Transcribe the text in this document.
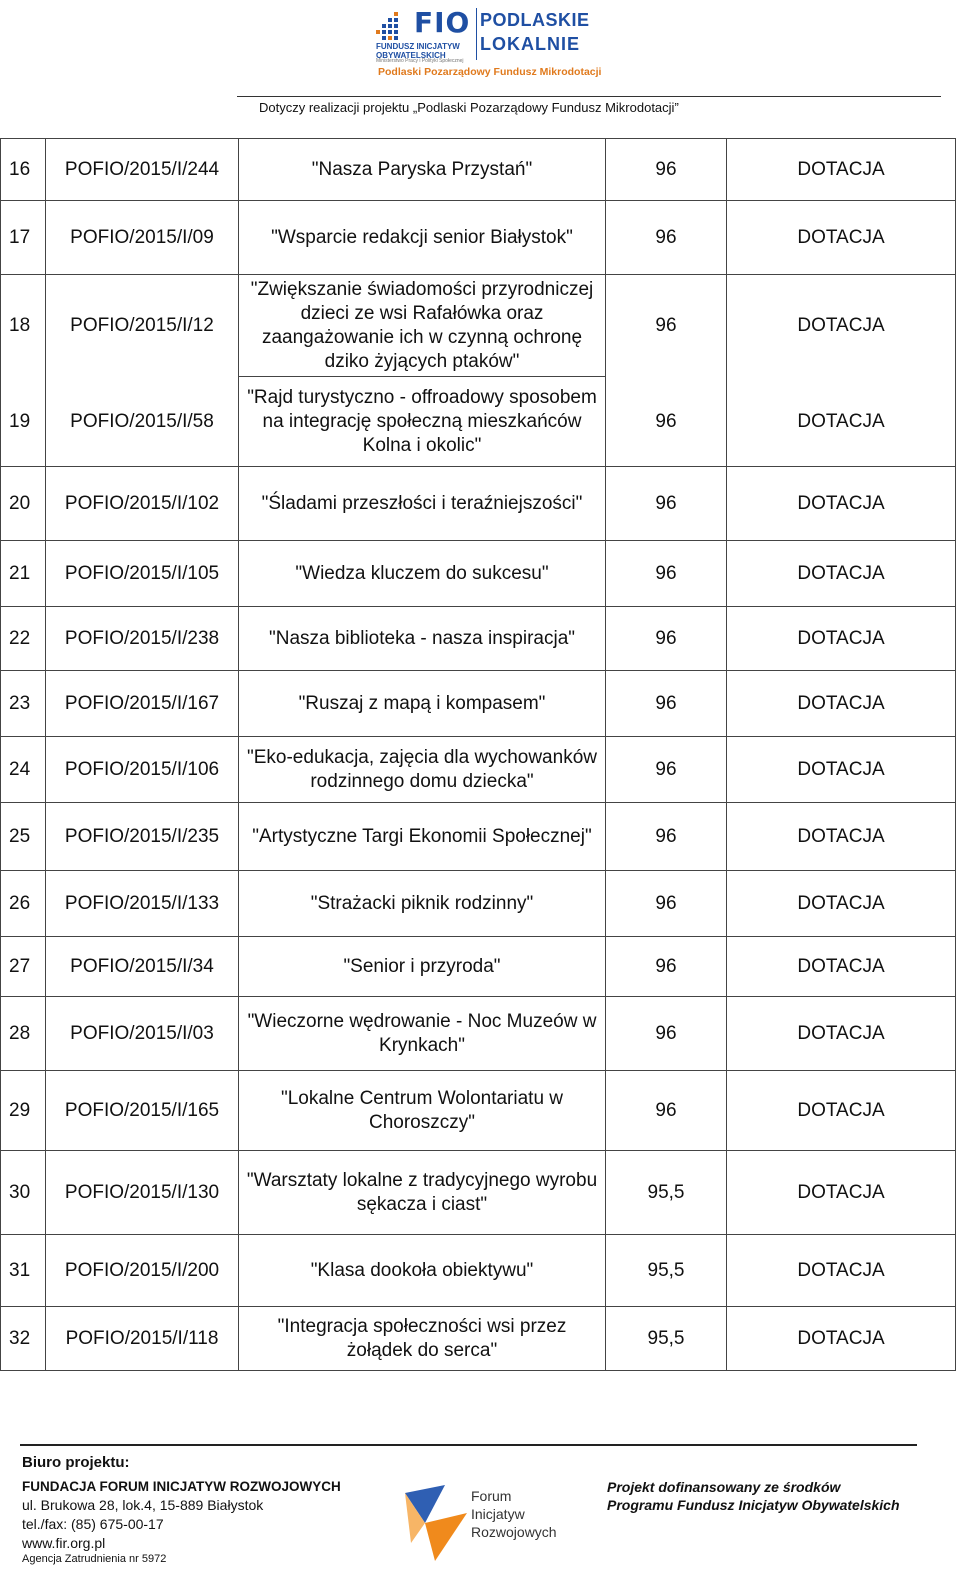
FIO
FUNDUSZ INICJATYW
OBYWATELSKICH
Ministerstwo Pracy i Polityki Społecznej
PODLASKIE
LOKALNIE
Podlaski Pozarządowy Fundusz Mikrodotacji
Dotyczy realizacji projektu „Podlaski Pozarządowy Fundusz Mikrodotacji”
16	POFIO/2015/I/244	"Nasza Paryska Przystań"	96	DOTACJA
17	POFIO/2015/I/09	"Wsparcie redakcji senior Białystok"	96	DOTACJA
18	POFIO/2015/I/12	"Zwiększanie świadomości przyrodniczej dzieci ze wsi Rafałówka oraz zaangażowanie ich w czynną ochronę dziko żyjących ptaków"	96	DOTACJA
19	POFIO/2015/I/58	"Rajd turystyczno - offroadowy sposobem na integrację społeczną mieszkańców Kolna i okolic"	96	DOTACJA
20	POFIO/2015/I/102	"Śladami przeszłości i teraźniejszości"	96	DOTACJA
21	POFIO/2015/I/105	"Wiedza kluczem do sukcesu"	96	DOTACJA
22	POFIO/2015/I/238	"Nasza biblioteka - nasza inspiracja"	96	DOTACJA
23	POFIO/2015/I/167	"Ruszaj z mapą i kompasem"	96	DOTACJA
24	POFIO/2015/I/106	"Eko-edukacja, zajęcia dla wychowanków rodzinnego domu dziecka"	96	DOTACJA
25	POFIO/2015/I/235	"Artystyczne Targi Ekonomii Społecznej"	96	DOTACJA
26	POFIO/2015/I/133	"Strażacki piknik rodzinny"	96	DOTACJA
27	POFIO/2015/I/34	"Senior i przyroda"	96	DOTACJA
28	POFIO/2015/I/03	"Wieczorne wędrowanie - Noc Muzeów w Krynkach"	96	DOTACJA
29	POFIO/2015/I/165	"Lokalne Centrum Wolontariatu w Choroszczy"	96	DOTACJA
30	POFIO/2015/I/130	"Warsztaty lokalne z tradycyjnego wyrobu sękacza i ciast"	95,5	DOTACJA
31	POFIO/2015/I/200	"Klasa dookoła obiektywu"	95,5	DOTACJA
32	POFIO/2015/I/118	"Integracja społeczności wsi przez żołądek do serca"	95,5	DOTACJA
Biuro projektu:
FUNDACJA FORUM INICJATYW ROZWOJOWYCH
ul. Brukowa 28, lok.4, 15-889 Białystok
tel./fax: (85) 675-00-17
www.fir.org.pl
Agencja Zatrudnienia nr 5972
Forum
Inicjatyw
Rozwojowych
Projekt dofinansowany ze środków
Programu Fundusz Inicjatyw Obywatelskich
